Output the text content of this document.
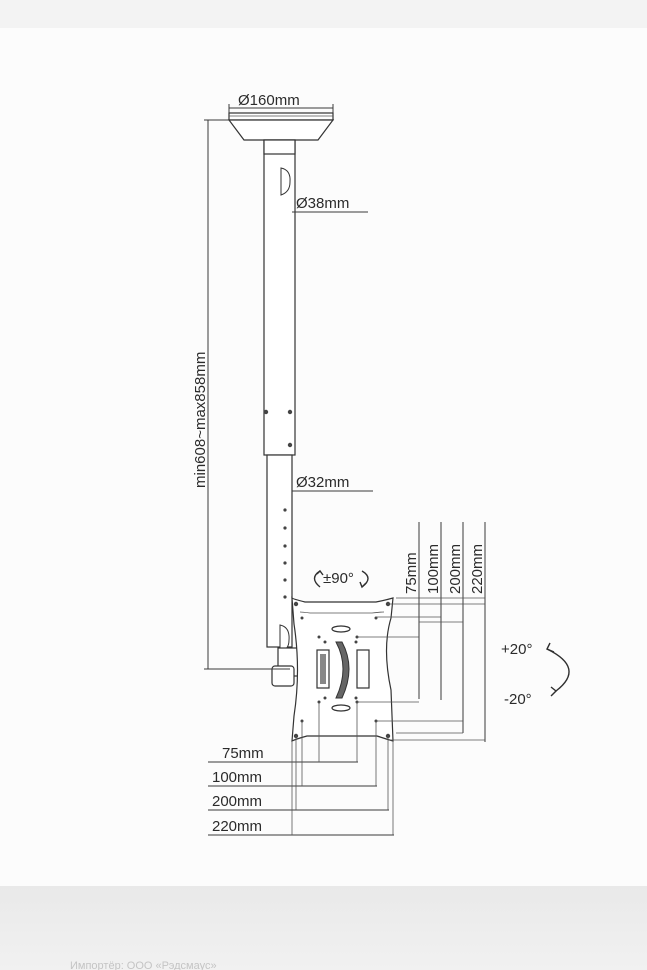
Ø160mm
Ø38mm
Ø32mm
min608~max858mm
±90°
+20°
-20°
75mm 100mm 200mm 220mm
75mm
100mm
200mm
220mm
Импортёр: ООО «Рэдсмаус»
